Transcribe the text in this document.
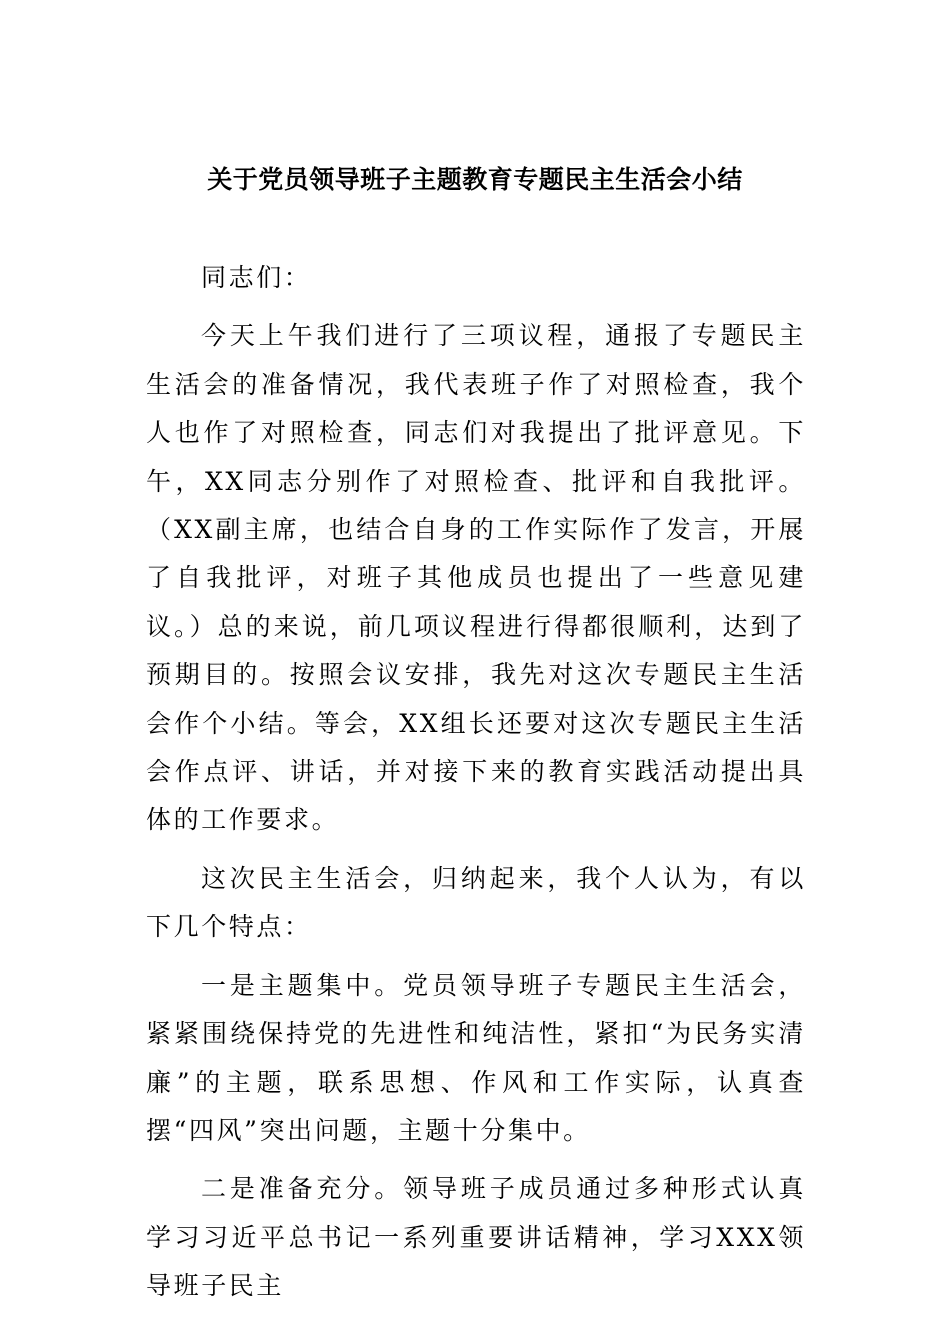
关于党员领导班子主题教育专题民主生活会小结

同志们：

今天上午我们进行了三项议程，通报了专题民主生活会的准备情况，我代表班子作了对照检查，我个人也作了对照检查，同志们对我提出了批评意见。下午，XX同志分别作了对照检查、批评和自我批评。（XX副主席，也结合自身的工作实际作了发言，开展了自我批评，对班子其他成员也提出了一些意见建议。）总的来说，前几项议程进行得都很顺利，达到了预期目的。按照会议安排，我先对这次专题民主生活会作个小结。等会，XX组长还要对这次专题民主生活会作点评、讲话，并对接下来的教育实践活动提出具体的工作要求。

这次民主生活会，归纳起来，我个人认为，有以下几个特点：

一是主题集中。党员领导班子专题民主生活会，紧紧围绕保持党的先进性和纯洁性，紧扣“为民务实清廉”的主题，联系思想、作风和工作实际，认真查摆“四风”突出问题，主题十分集中。

二是准备充分。领导班子成员通过多种形式认真学习习近平总书记一系列重要讲话精神，学习XXX领导班子民主
